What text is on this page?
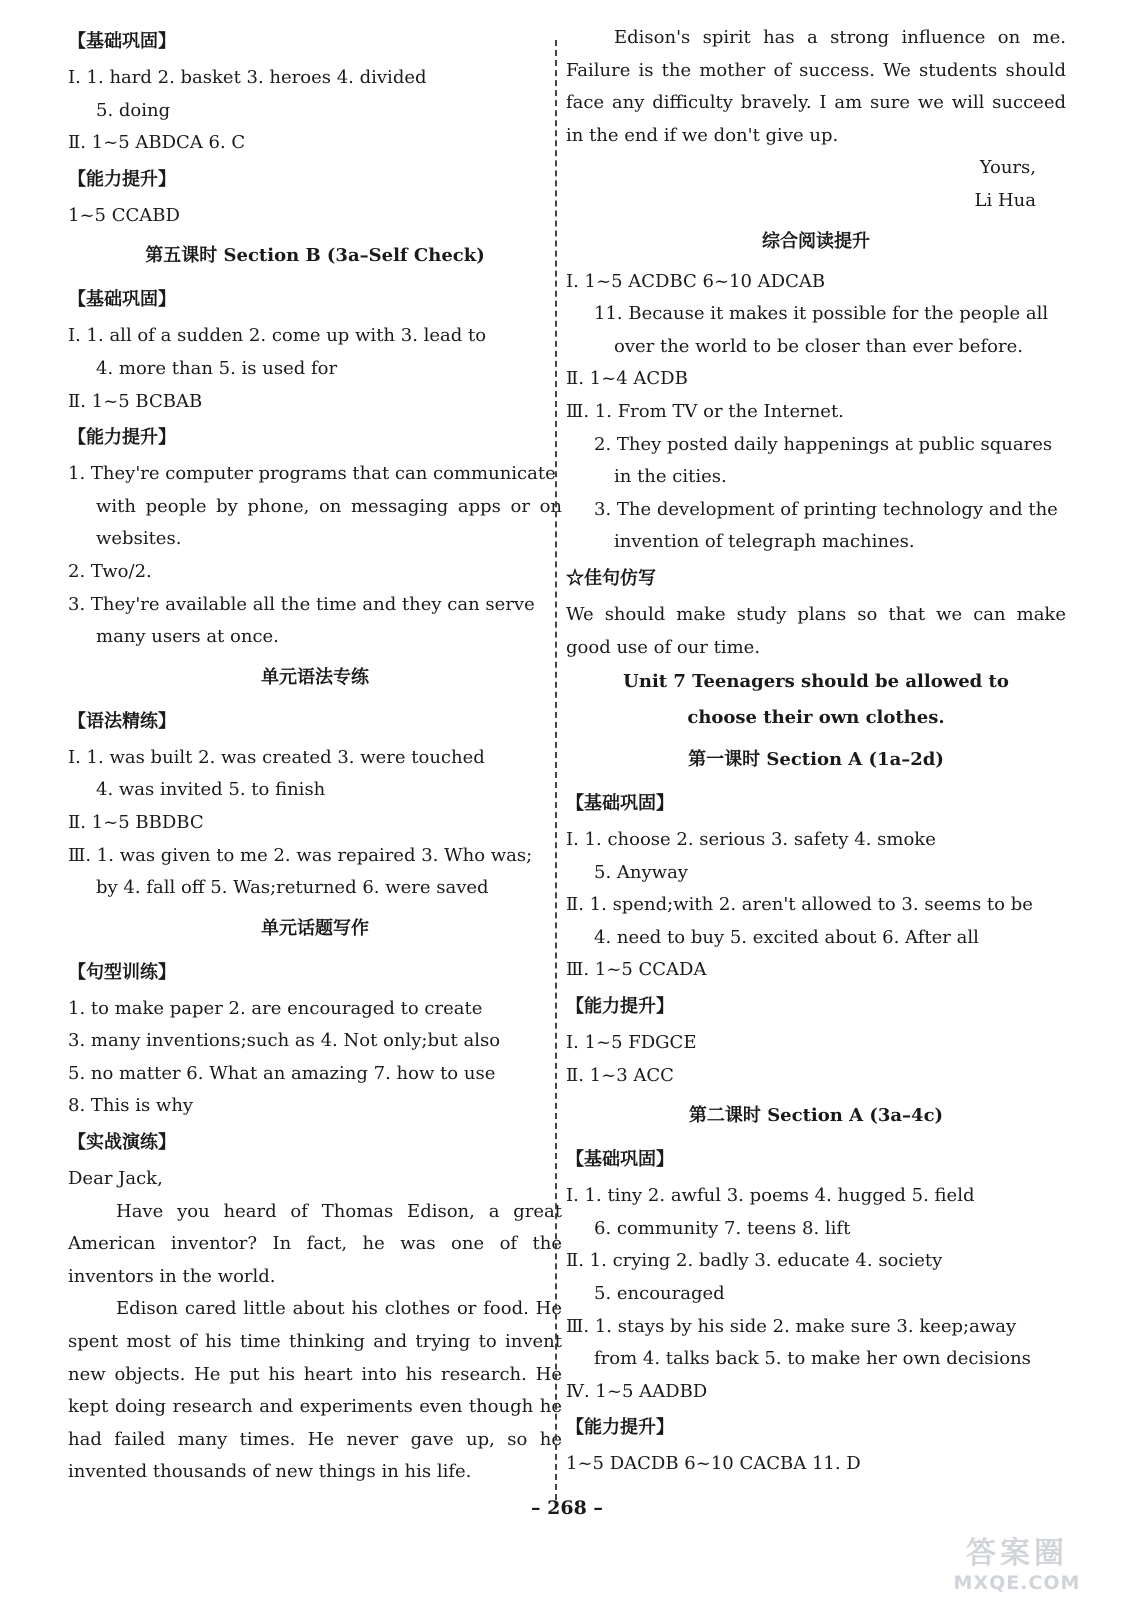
【基础巩固】
Ⅰ. 1. hard 2. basket 3. heroes 4. divided
5. doing
Ⅱ. 1~5 ABDCA 6. C
【能力提升】
1~5 CCABD
第五课时 Section B (3a–Self Check)
【基础巩固】
Ⅰ. 1. all of a sudden 2. come up with 3. lead to
4. more than 5. is used for
Ⅱ. 1~5 BCBAB
【能力提升】
1. They're computer programs that can communicate
with people by phone, on messaging apps or on
websites.
2. Two/2.
3. They're available all the time and they can serve
many users at once.
单元语法专练
【语法精练】
Ⅰ. 1. was built 2. was created 3. were touched
4. was invited 5. to finish
Ⅱ. 1~5 BBDBC
Ⅲ. 1. was given to me 2. was repaired 3. Who was;
by 4. fall off 5. Was;returned 6. were saved
单元话题写作
【句型训练】
1. to make paper 2. are encouraged to create
3. many inventions;such as 4. Not only;but also
5. no matter 6. What an amazing 7. how to use
8. This is why
【实战演练】
Dear Jack,
Have you heard of Thomas Edison, a great
American inventor? In fact, he was one of the
inventors in the world.
Edison cared little about his clothes or food. He
spent most of his time thinking and trying to invent
new objects. He put his heart into his research. He
kept doing research and experiments even though he
had failed many times. He never gave up, so he
invented thousands of new things in his life.
Edison's spirit has a strong influence on me.
Failure is the mother of success. We students should
face any difficulty bravely. I am sure we will succeed
in the end if we don't give up.
Yours,
Li Hua
综合阅读提升
Ⅰ. 1~5 ACDBC 6~10 ADCAB
11. Because it makes it possible for the people all
over the world to be closer than ever before.
Ⅱ. 1~4 ACDB
Ⅲ. 1. From TV or the Internet.
2. They posted daily happenings at public squares
in the cities.
3. The development of printing technology and the
invention of telegraph machines.
☆佳句仿写
We should make study plans so that we can make
good use of our time.
Unit 7 Teenagers should be allowed to
choose their own clothes.
第一课时 Section A (1a–2d)
【基础巩固】
Ⅰ. 1. choose 2. serious 3. safety 4. smoke
5. Anyway
Ⅱ. 1. spend;with 2. aren't allowed to 3. seems to be
4. need to buy 5. excited about 6. After all
Ⅲ. 1~5 CCADA
【能力提升】
Ⅰ. 1~5 FDGCE
Ⅱ. 1~3 ACC
第二课时 Section A (3a–4c)
【基础巩固】
Ⅰ. 1. tiny 2. awful 3. poems 4. hugged 5. field
6. community 7. teens 8. lift
Ⅱ. 1. crying 2. badly 3. educate 4. society
5. encouraged
Ⅲ. 1. stays by his side 2. make sure 3. keep;away
from 4. talks back 5. to make her own decisions
Ⅳ. 1~5 AADBD
【能力提升】
1~5 DACDB 6~10 CACBA 11. D
– 268 –
答案圈
MXQE.COM
